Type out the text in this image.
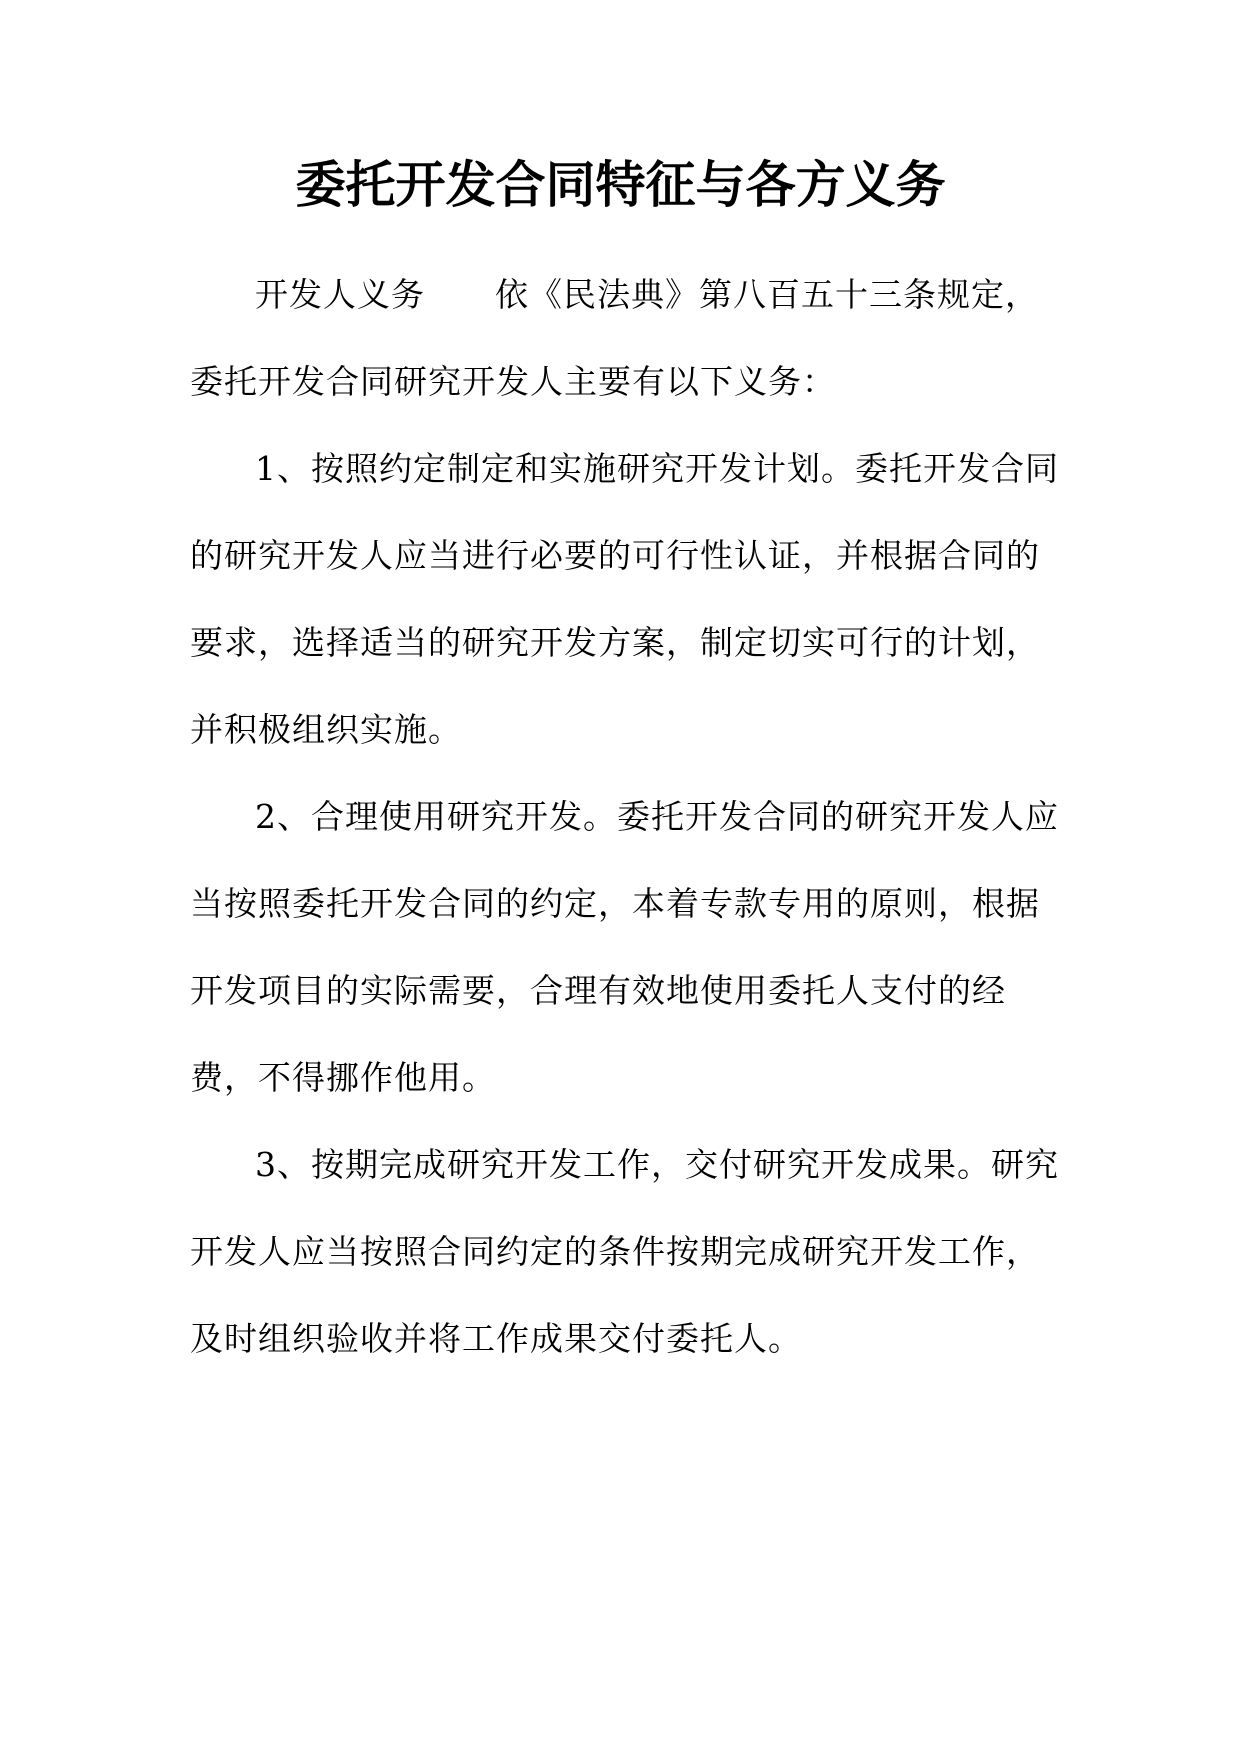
委托开发合同特征与各方义务
开发人义务 依《民法典》第八百五十三条规定，
委托开发合同研究开发人主要有以下义务：
1、按照约定制定和实施研究开发计划。委托开发合同
的研究开发人应当进行必要的可行性认证，并根据合同的
要求，选择适当的研究开发方案，制定切实可行的计划，
并积极组织实施。
2、合理使用研究开发。委托开发合同的研究开发人应
当按照委托开发合同的约定，本着专款专用的原则，根据
开发项目的实际需要，合理有效地使用委托人支付的经
费，不得挪作他用。
3、按期完成研究开发工作，交付研究开发成果。研究
开发人应当按照合同约定的条件按期完成研究开发工作，
及时组织验收并将工作成果交付委托人。
